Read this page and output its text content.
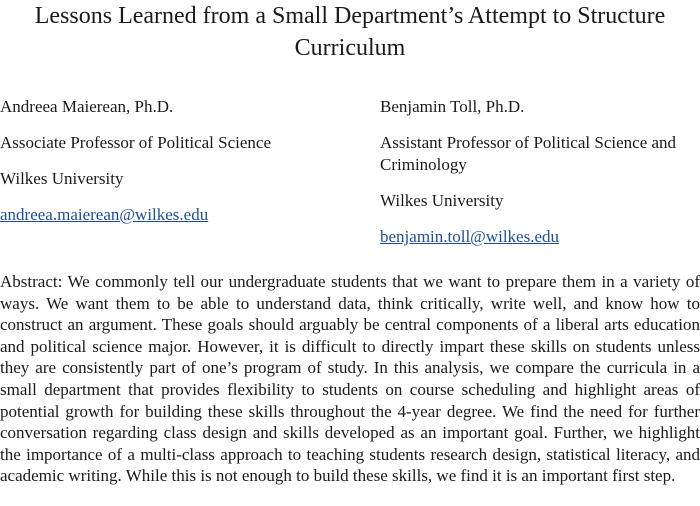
Lessons Learned from a Small Department’s Attempt to Structure Curriculum

Andreea Maierean, Ph.D.

Associate Professor of Political Science

Wilkes University

andreea.maierean@wilkes.edu

Benjamin Toll, Ph.D.

Assistant Professor of Political Science and Criminology

Wilkes University

benjamin.toll@wilkes.edu

Abstract: We commonly tell our undergraduate students that we want to prepare them in a variety of ways. We want them to be able to understand data, think critically, write well, and know how to construct an argument. These goals should arguably be central components of a liberal arts education and political science major. However, it is difficult to directly impart these skills on students unless they are consistently part of one’s program of study. In this analysis, we compare the curricula in a small department that provides flexibility to students on course scheduling and highlight areas of potential growth for building these skills throughout the 4-year degree. We find the need for further conversation regarding class design and skills developed as an important goal. Further, we highlight the importance of a multi-class approach to teaching students research design, statistical literacy, and academic writing. While this is not enough to build these skills, we find it is an important first step.
